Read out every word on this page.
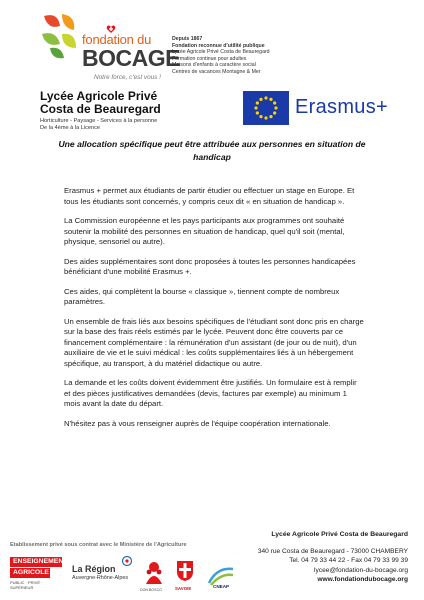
fondation du
BOCAGE
Notre force, c'est vous !
Depuis 1867
Fondation reconnue d'utilité publique
Lycée Agricole Privé Costa de Beauregard
Formation continue pour adultes
Maisons d'enfants à caractère social
Centres de vacances Montagne & Mer
Lycée Agricole Privé
Costa de Beauregard
Horticulture - Paysage - Services à la personne
De la 4ème à la Licence
Erasmus+
Une allocation spécifique peut être attribuée aux personnes en situation de handicap

Erasmus + permet aux étudiants de partir étudier ou effectuer un stage en Europe. Et tous les étudiants sont concernés, y compris ceux dit « en situation de handicap ».

La Commission européenne et les pays participants aux programmes ont souhaité soutenir la mobilité des personnes en situation de handicap, quel qu'il soit (mental, physique, sensoriel ou autre).

Des aides supplémentaires sont donc proposées à toutes les personnes handicapées bénéficiant d'une mobilité Erasmus +.

Ces aides, qui complètent la bourse « classique », tiennent compte de nombreux paramètres.

Un ensemble de frais liés aux besoins spécifiques de l'étudiant sont donc pris en charge sur la base des frais réels estimés par le lycée. Peuvent donc être couverts par ce financement complémentaire : la rémunération d'un assistant (de jour ou de nuit), d'un auxiliaire de vie et le suivi médical : les coûts supplémentaires liés à un hébergement spécifique, au transport, à du matériel didactique ou autre.

La demande et les coûts doivent évidemment être justifiés. Un formulaire est à remplir et des pièces justificatives demandées (devis, factures par exemple) au minimum 1 mois avant la date du départ.

N'hésitez pas à vous renseigner auprès de l'équipe coopération internationale.

Etablissement privé sous contrat avec le Ministère de l'Agriculture
ENSEIGNEMENT
AGRICOLE
PUBLIC · PRIVÉ · SUPÉRIEUR
La Région
Auvergne-Rhône-Alpes
DON BOSCO	SAVOIE	CNEAP
Lycée Agricole Privé Costa de Beauregard
340 rue Costa de Beauregard - 73000 CHAMBERY
Tel. 04 79 33 44 22 - Fax 04 79 33 99 39
lycee@fondation-du-bocage.org
www.fondationdubocage.org
